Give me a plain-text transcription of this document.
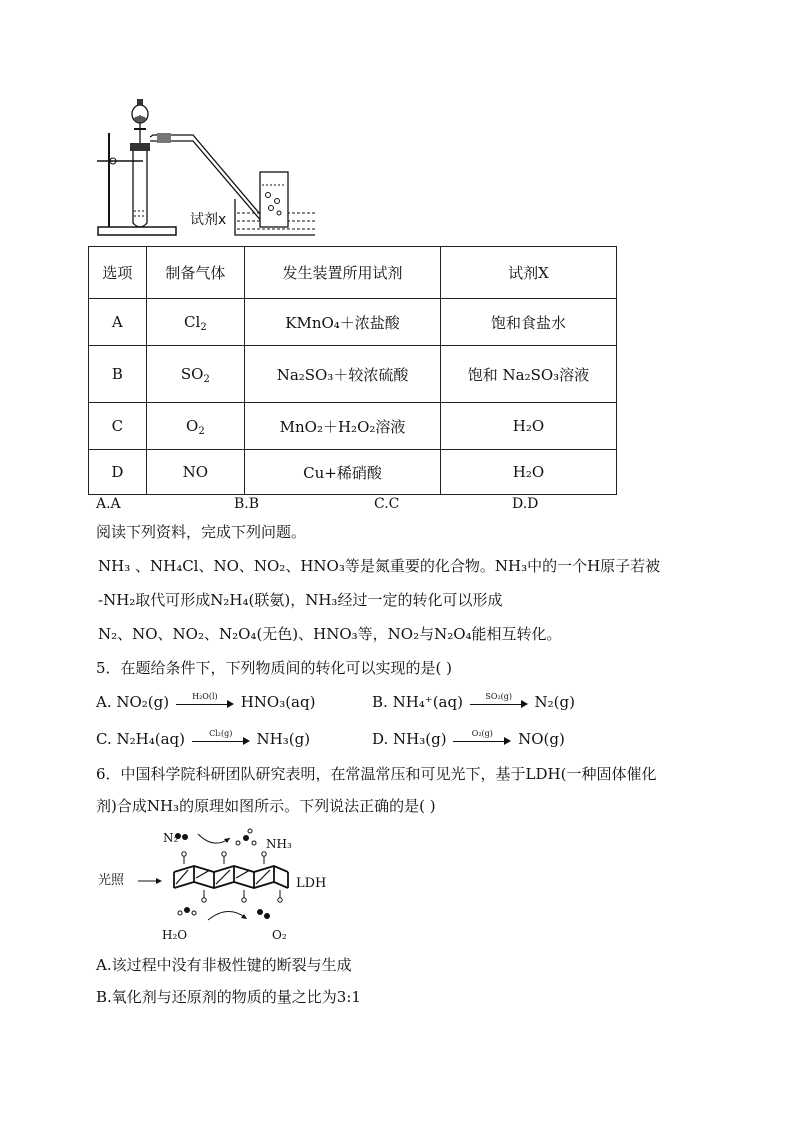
试剂x
选项	制备气体	发生装置所用试剂	试剂X
A	$Cl_2$	KMnO₄＋浓盐酸	饱和食盐水
B	$SO_2$	Na₂SO₃＋较浓硫酸	饱和 Na₂SO₃溶液
C	$O_2$	MnO₂＋H₂O₂溶液	H₂O
D	NO	Cu+稀硝酸	H₂O
A.A	B.B	C.C	D.D
阅读下列资料，完成下列问题。
NH₃ 、NH₄Cl、NO、NO₂、HNO₃等是氮重要的化合物。NH₃中的一个H原子若被
-NH₂取代可形成N₂H₄(联氨)，NH₃经过一定的转化可以形成
N₂、NO、NO₂、N₂O₄(无色)、HNO₃等，NO₂与N₂O₄能相互转化。
5．在题给条件下，下列物质间的转化可以实现的是( )
A. NO₂(g)	H₂O(l)	HNO₃(aq)	B. NH₄⁺(aq)	SO₂(g)	N₂(g)
C. N₂H₄(aq)	Cl₂(g)	NH₃(g)	D. NH₃(g)	O₂(g)	NO(g)
6．中国科学院科研团队研究表明，在常温常压和可见光下，基于LDH(一种固体催化
剂)合成NH₃的原理如图所示。下列说法正确的是( )
N₂	NH₃
光照	LDH
H₂O	O₂
A.该过程中没有非极性键的断裂与生成
B.氧化剂与还原剂的物质的量之比为3:1
